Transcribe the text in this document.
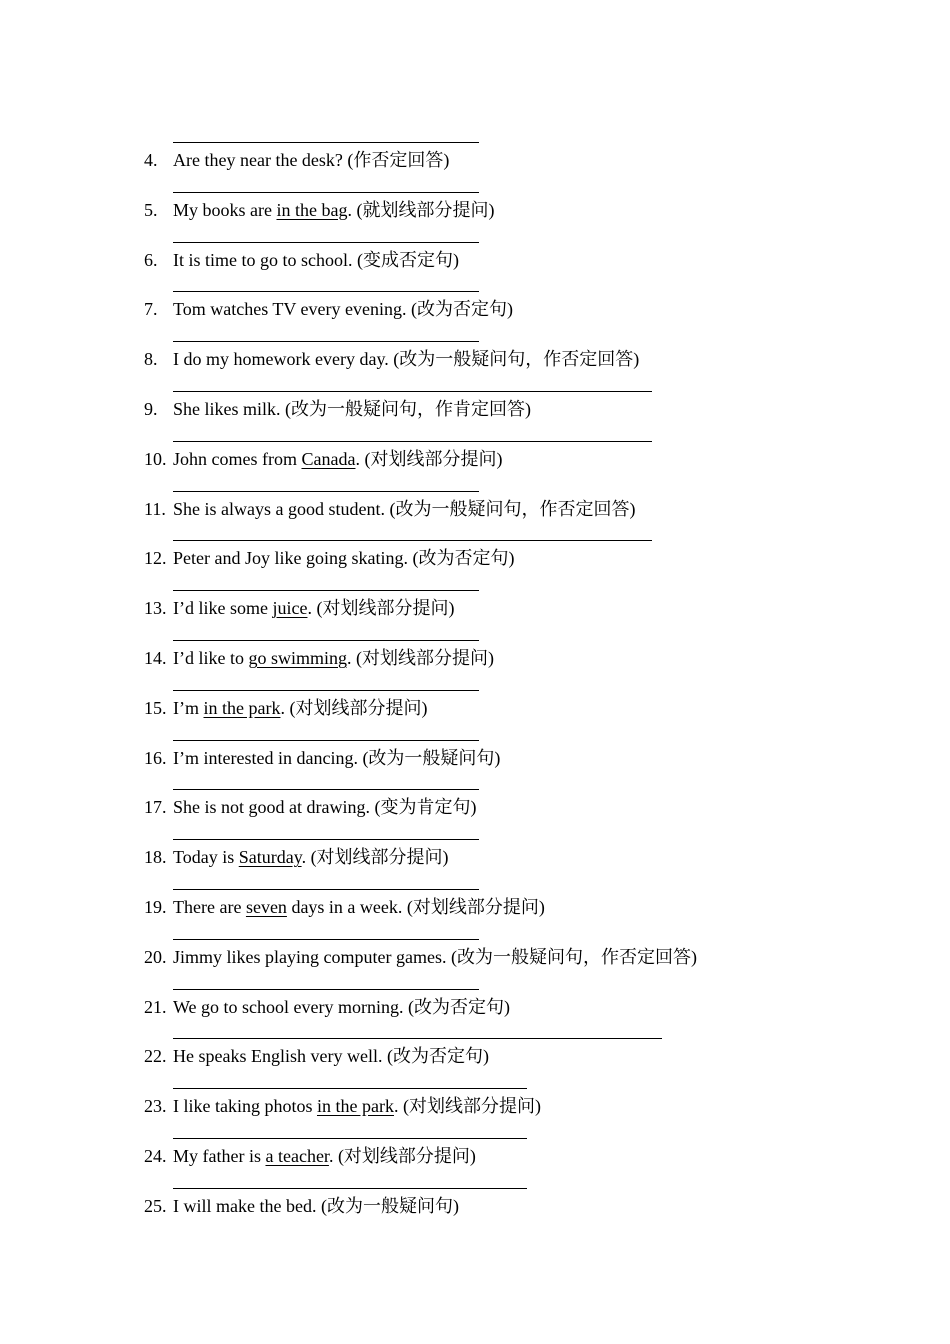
4. Are they near the desk? (作否定回答)
5. My books are in the bag. (就划线部分提问)
6. It is time to go to school. (变成否定句)
7. Tom watches TV every evening. (改为否定句)
8. I do my homework every day. (改为一般疑问句，作否定回答)
9. She likes milk. (改为一般疑问句，作肯定回答)
10. John comes from Canada. (对划线部分提问)
11. She is always a good student. (改为一般疑问句，作否定回答)
12. Peter and Joy like going skating. (改为否定句)
13. I’d like some juice. (对划线部分提问)
14. I’d like to go swimming. (对划线部分提问)
15. I’m in the park. (对划线部分提问)
16. I’m interested in dancing. (改为一般疑问句)
17. She is not good at drawing. (变为肯定句)
18. Today is Saturday. (对划线部分提问)
19. There are seven days in a week. (对划线部分提问)
20. Jimmy likes playing computer games. (改为一般疑问句，作否定回答)
21. We go to school every morning. (改为否定句)
22. He speaks English very well. (改为否定句)
23. I like taking photos in the park. (对划线部分提问)
24. My father is a teacher. (对划线部分提问)
25. I will make the bed. (改为一般疑问句)
